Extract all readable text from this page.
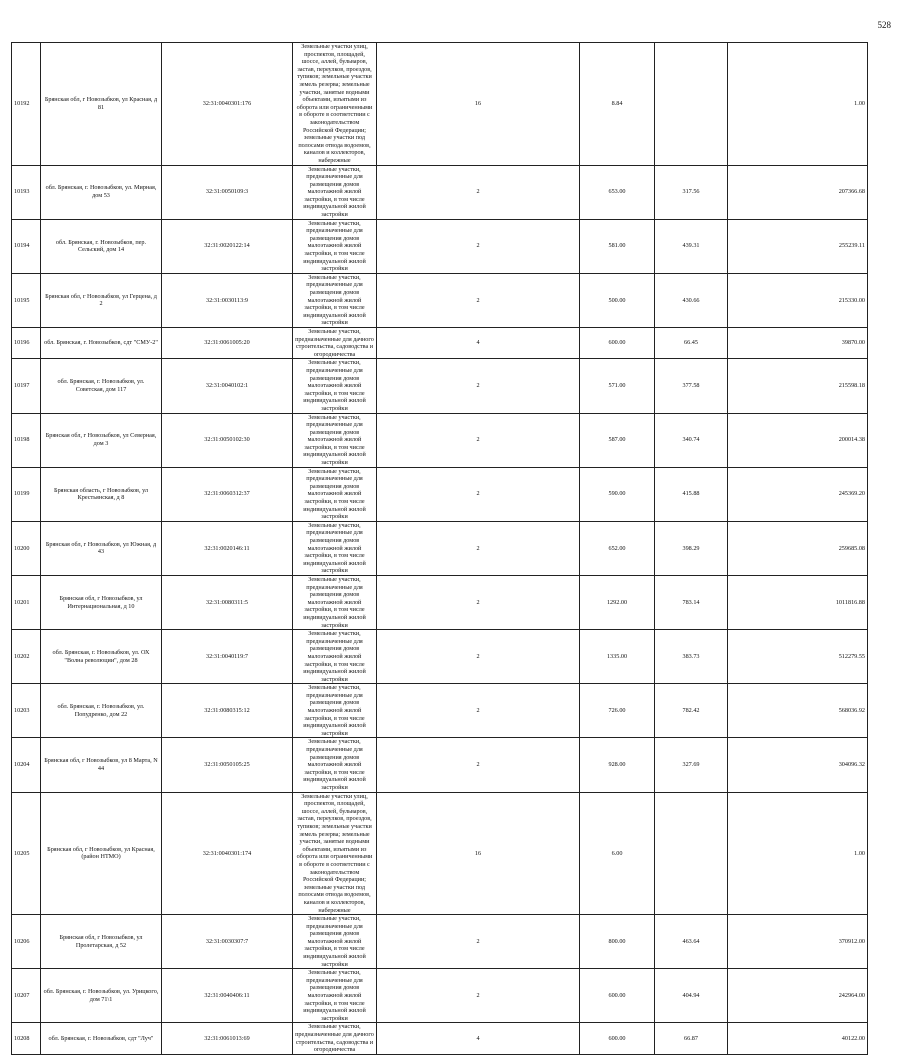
528
10192	Брянская обл, г Новозыбков, ул Красная, д 81	32:31:0040301:176	Земельные участки улиц, проспектов, площадей, шоссе, аллей, бульваров, застав, переулков, проездов, тупиков; земельные участки земель резерва; земельные участки, занятые водными объектами, изъятыми из оборота или ограниченными в обороте в соответствии с законодательством Российской Федерации; земельные участки под полосами отвода водоемов, каналов и коллекторов, набережные	16	8.84		1.00
10193	обл. Брянская, г. Новозыбков, ул. Мирная, дом 53	32:31:0050109:3	Земельные участки, предназначенные для размещения домов малоэтажной жилой застройки, в том числе индивидуальной жилой застройки	2	653.00	317.56	207366.68
10194	обл. Брянская, г. Новозыбков, пер. Сельский, дом 14	32:31:0020122:14	Земельные участки, предназначенные для размещения домов малоэтажной жилой застройки, в том числе индивидуальной жилой застройки	2	581.00	439.31	255239.11
10195	Брянская обл, г Новозыбков, ул Герцена, д 2	32:31:0030113:9	Земельные участки, предназначенные для размещения домов малоэтажной жилой застройки, в том числе индивидуальной жилой застройки	2	500.00	430.66	215330.00
10196	обл. Брянская, г. Новозыбков, сдт "СМУ-2"	32:31:0061005:20	Земельные участки, предназначенные для дачного строительства, садоводства и огородничества	4	600.00	66.45	39870.00
10197	обл. Брянская, г. Новозыбков, ул. Советская, дом 117	32:31:0040102:1	Земельные участки, предназначенные для размещения домов малоэтажной жилой застройки, в том числе индивидуальной жилой застройки	2	571.00	377.58	215598.18
10198	Брянская обл, г Новозыбков, ул Северная, дом 3	32:31:0050102:30	Земельные участки, предназначенные для размещения домов малоэтажной жилой застройки, в том числе индивидуальной жилой застройки	2	587.00	340.74	200014.38
10199	Брянская область, г Новозыбков, ул Крестьянская, д 8	32:31:0060312:37	Земельные участки, предназначенные для размещения домов малоэтажной жилой застройки, в том числе индивидуальной жилой застройки	2	590.00	415.88	245369.20
10200	Брянская обл, г Новозыбков, ул Южная, д 43	32:31:0020146:11	Земельные участки, предназначенные для размещения домов малоэтажной жилой застройки, в том числе индивидуальной жилой застройки	2	652.00	398.29	259685.08
10201	Брянская обл, г Новозыбков, ул Интернациональная, д 10	32:31:0080311:5	Земельные участки, предназначенные для размещения домов малоэтажной жилой застройки, в том числе индивидуальной жилой застройки	2	1292.00	783.14	1011816.88
10202	обл. Брянская, г. Новозыбков, ул. ОХ "Волна революции", дом 28	32:31:0040119:7	Земельные участки, предназначенные для размещения домов малоэтажной жилой застройки, в том числе индивидуальной жилой застройки	2	1335.00	383.73	512279.55
10203	обл. Брянская, г. Новозыбков, ул. Попудренко, дом 22	32:31:0080315:12	Земельные участки, предназначенные для размещения домов малоэтажной жилой застройки, в том числе индивидуальной жилой застройки	2	726.00	782.42	568036.92
10204	Брянская обл, г Новозыбков, ул 8 Марта, N 44	32:31:0050105:25	Земельные участки, предназначенные для размещения домов малоэтажной жилой застройки, в том числе индивидуальной жилой застройки	2	928.00	327.69	304096.32
10205	Брянская обл, г Новозыбков, ул Красная, (район НТМО)	32:31:0040301:174	Земельные участки улиц, проспектов, площадей, шоссе, аллей, бульваров, застав, переулков, проездов, тупиков; земельные участки земель резерва; земельные участки, занятые водными объектами, изъятыми из оборота или ограниченными в обороте в соответствии с законодательством Российской Федерации; земельные участки под полосами отвода водоемов, каналов и коллекторов, набережные	16	6.00		1.00
10206	Брянская обл, г Новозыбков, ул Пролетарская, д 52	32:31:0030307:7	Земельные участки, предназначенные для размещения домов малоэтажной жилой застройки, в том числе индивидуальной жилой застройки	2	800.00	463.64	370912.00
10207	обл. Брянская, г. Новозыбков, ул. Урицкого, дом 71\1	32:31:0040406:11	Земельные участки, предназначенные для размещения домов малоэтажной жилой застройки, в том числе индивидуальной жилой застройки	2	600.00	404.94	242964.00
10208	обл. Брянская, г. Новозыбков, сдт "Луч"	32:31:0061013:69	Земельные участки, предназначенные для дачного строительства, садоводства и огородничества	4	600.00	66.87	40122.00
